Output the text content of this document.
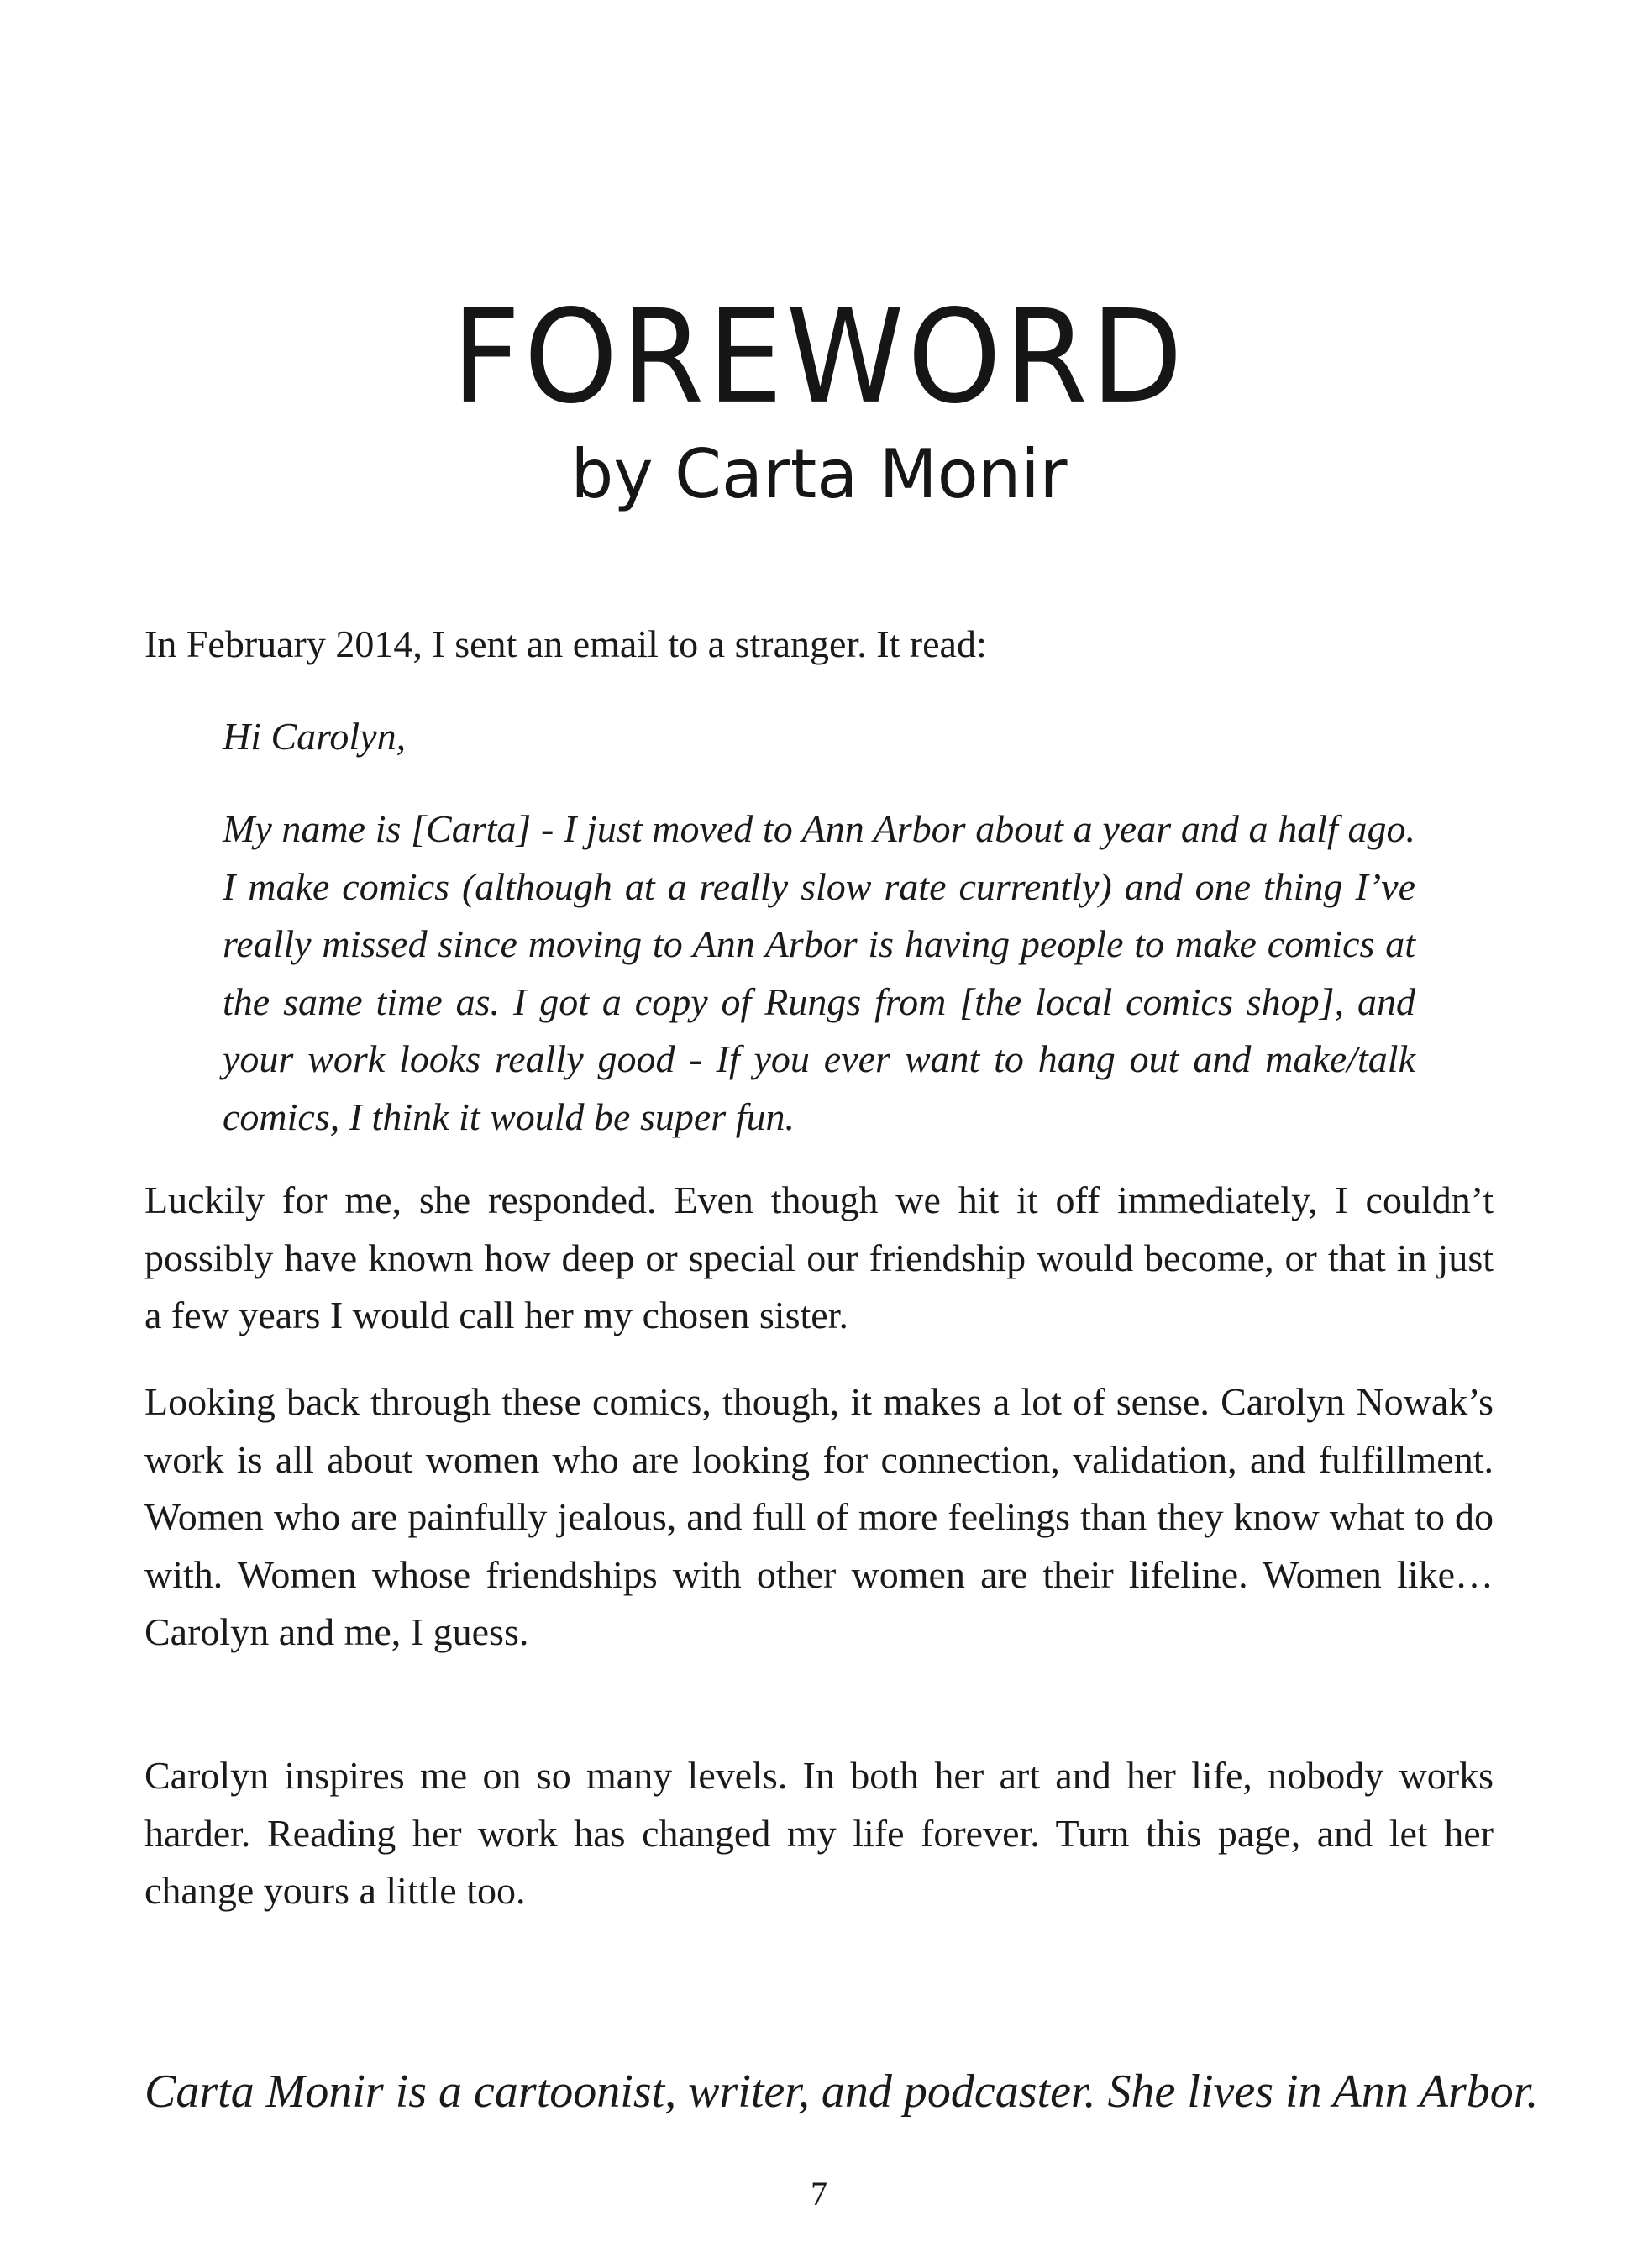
FOREWORD
by Carta Monir

In February 2014, I sent an email to a stranger. It read:

Hi Carolyn,

My name is [Carta] - I just moved to Ann Arbor about a year and a half ago. I make comics (although at a really slow rate currently) and one thing I’ve really missed since moving to Ann Arbor is having people to make comics at the same time as. I got a copy of Rungs from [the local comics shop], and your work looks really good - If you ever want to hang out and make/talk comics, I think it would be super fun.

Luckily for me, she responded. Even though we hit it off immediately, I couldn’t possibly have known how deep or special our friendship would become, or that in just a few years I would call her my chosen sister.

Looking back through these comics, though, it makes a lot of sense. Carolyn Nowak’s work is all about women who are looking for connection, validation, and fulfillment. Women who are painfully jealous, and full of more feelings than they know what to do with. Women whose friendships with other women are their lifeline. Women like… Carolyn and me, I guess.

Carolyn inspires me on so many levels. In both her art and her life, nobody works harder. Reading her work has changed my life forever. Turn this page, and let her change yours a little too.

Carta Monir is a cartoonist, writer, and podcaster. She lives in Ann Arbor.

7
